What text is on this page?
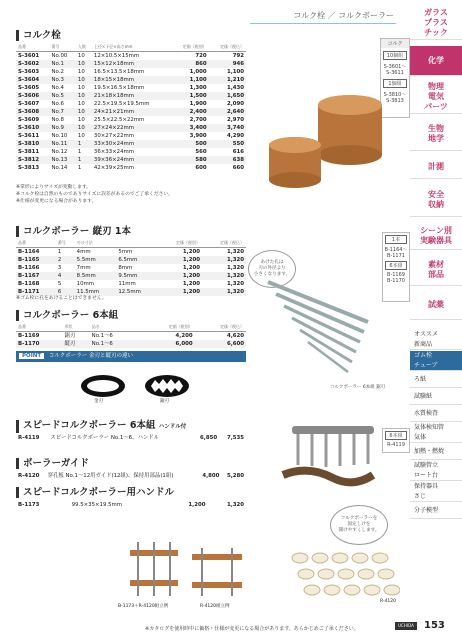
コルク栓 ／ コルクボーラー	ガラス
プラス
チック
化学
物理
電気
パーツ
生物
地学
計測
安全
収納
シーン別
実験器具
素材
部品
試薬
オススメ
新商品
ゴム栓
チューブ
ろ紙
試験紙
水質検査
気体検知管
気体
加熱・燃焼
試験管立
ロート台
保持器具
さじ
分子模型
コルク栓
品番	番号	入数	上径×下径×高さmm	定価（税別）	定価（税込）
S-3601	No.00	10	12×10.5×15mm	720	792
S-3602	No.1	10	15×12×18mm	860	946
S-3603	No.2	10	16.5×13.5×18mm	1,000	1,100
S-3604	No.3	10	18×15×18mm	1,100	1,210
S-3605	No.4	10	19.5×16.5×18mm	1,300	1,430
S-3606	No.5	10	21×18×18mm	1,500	1,650
S-3607	No.6	10	22.5×19.5×19.5mm	1,900	2,090
S-3608	No.7	10	24×21×21mm	2,400	2,640
S-3609	No.8	10	25.5×22.5×22mm	2,700	2,970
S-3610	No.9	10	27×24×22mm	3,400	3,740
S-3611	No.10	10	30×27×22mm	3,900	4,290
S-3810	No.11	1	33×30×24mm	500	550
S-3811	No.12	1	36×33×24mm	560	616
S-3812	No.13	1	39×36×24mm	580	638
S-3813	No.14	1	42×39×25mm	600	660
※掌形によりサイズが変動します。
※コルク栓は自然のものでありサイズに誤差があるのでご了承ください。
※仕様が変更になる場合があります。
コルク
10個組
S-3601～
S-3611
1個組
S-3810～
S-3813
コルクボーラー 縦刃 1本
品番	番号	刃の寸法		定価（税別）	定価（税込）
B-1164	1	4mm	5mm	1,200	1,320
B-1165	2	5.5mm	6.5mm	1,200	1,320
B-1166	3	7mm	8mm	1,200	1,320
B-1167	4	8.5mm	9.5mm	1,200	1,320
B-1168	5	10mm	11mm	1,200	1,320
B-1171	6	11.5mm	12.5mm	1,200	1,320
※ゴム栓に孔をあけることはできません。
あけた孔は
刃の外径より
小さくなります。
1本
B-1164～
B-1171
6本組
B-1169
B-1170
コルクボーラー 6本組 鋸刃
コルクボーラー 6本組
品番	形状	品名		定価（税別）	定価（税込）
B-1169	鋸刃	No.1～6		4,200	4,620
B-1170	縦刃	No.1～6		6,000	6,600
POINT コルクボーラー 金刃と縦刃の違い
金刃	鋸刃
スピードコルクボーラー 6本組 ハンドル付
R-4119	スピードコルクボーラー No.1～6、ハンドル	6,850	7,535	6本組
R-4119
ボーラーガイド
R-4120	穿孔板 No.1～12用ガイド(12組)、保持用部品(1組)	4,800	5,280
スピードコルクボーラー用ハンドル
B-1173		99.5×35×19.5mm	1,200	1,320
コルクボーラーを
固定しけを
開けやすくします。
R-4120
B-1173＋R-4120組立例	R-4120組立例
※カタログを使用時中に価格・仕様が変更になる場合があります。あらかじめご了承ください。
UCHIDA	153
